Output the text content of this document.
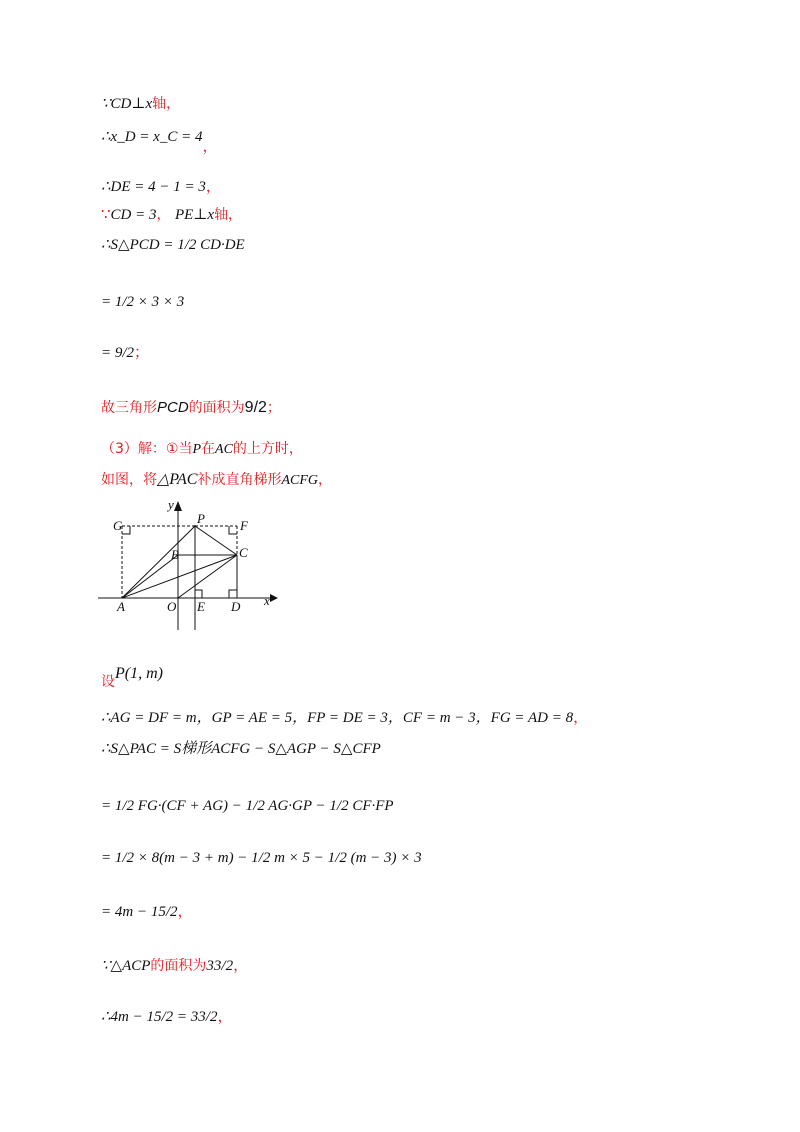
∵CD⊥x轴，
∴x_D = x_C = 4，
∴DE = 4 − 1 = 3，
∵CD = 3， PE⊥x轴，
∴S△PCD = 1/2 CD·DE
= 1/2 × 3 × 3
= 9/2；
故三角形PCD的面积为9/2；
（3）解：①当P在AC的上方时，
如图，将△PAC补成直角梯形ACFG，
y
x
G	P	F
B	C
A	O E D
设P(1, m)
∴AG = DF = m，GP = AE = 5，FP = DE = 3，CF = m − 3，FG = AD = 8，
∴S△PAC = S梯形ACFG − S△AGP − S△CFP
= 1/2 FG·(CF + AG) − 1/2 AG·GP − 1/2 CF·FP
= 1/2 × 8(m − 3 + m) − 1/2 m × 5 − 1/2 (m − 3) × 3
= 4m − 15/2，
∵△ACP的面积为33/2，
∴4m − 15/2 = 33/2，
